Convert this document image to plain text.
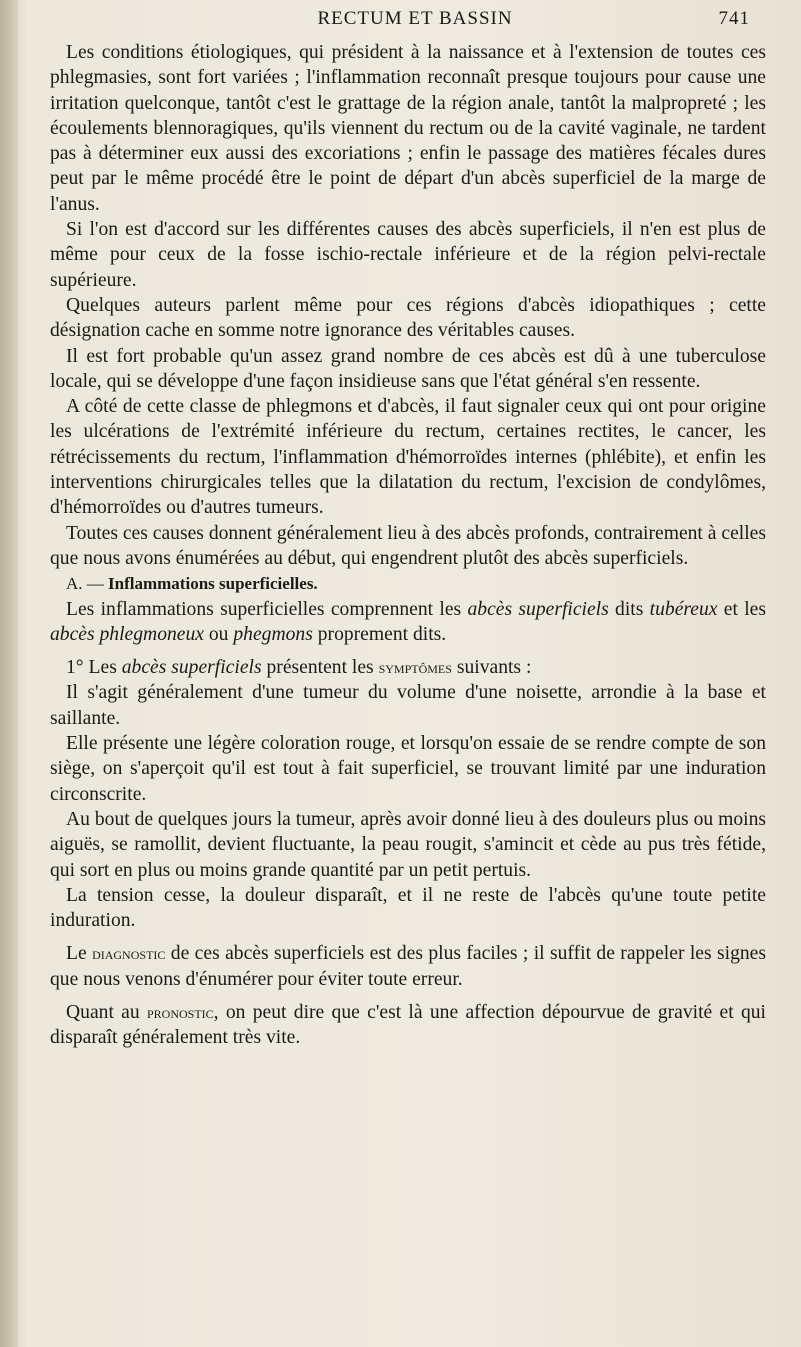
RECTUM ET BASSIN	741

Les conditions étiologiques, qui président à la naissance et à l'extension de toutes ces phlegmasies, sont fort variées ; l'inflammation reconnaît presque toujours pour cause une irritation quelconque, tantôt c'est le grattage de la région anale, tantôt la malpropreté ; les écoulements blennoragiques, qu'ils viennent du rectum ou de la cavité vaginale, ne tardent pas à déterminer eux aussi des excoriations ; enfin le passage des matières fécales dures peut par le même procédé être le point de départ d'un abcès superficiel de la marge de l'anus.

Si l'on est d'accord sur les différentes causes des abcès superficiels, il n'en est plus de même pour ceux de la fosse ischio-rectale inférieure et de la région pelvi-rectale supérieure.

Quelques auteurs parlent même pour ces régions d'abcès idiopathiques ; cette désignation cache en somme notre ignorance des véritables causes.

Il est fort probable qu'un assez grand nombre de ces abcès est dû à une tuberculose locale, qui se développe d'une façon insidieuse sans que l'état général s'en ressente.

A côté de cette classe de phlegmons et d'abcès, il faut signaler ceux qui ont pour origine les ulcérations de l'extrémité inférieure du rectum, certaines rectites, le cancer, les rétrécissements du rectum, l'inflammation d'hémorroïdes internes (phlébite), et enfin les interventions chirurgicales telles que la dilatation du rectum, l'excision de condylômes, d'hémorroïdes ou d'autres tumeurs.

Toutes ces causes donnent généralement lieu à des abcès profonds, contrairement à celles que nous avons énumérées au début, qui engendrent plutôt des abcès superficiels.

A. — Inflammations superficielles.

Les inflammations superficielles comprennent les abcès superficiels dits tubéreux et les abcès phlegmoneux ou phegmons proprement dits.

1° Les abcès superficiels présentent les symptômes suivants :

Il s'agit généralement d'une tumeur du volume d'une noisette, arrondie à la base et saillante.

Elle présente une légère coloration rouge, et lorsqu'on essaie de se rendre compte de son siège, on s'aperçoit qu'il est tout à fait superficiel, se trouvant limité par une induration circonscrite.

Au bout de quelques jours la tumeur, après avoir donné lieu à des douleurs plus ou moins aiguës, se ramollit, devient fluctuante, la peau rougit, s'amincit et cède au pus très fétide, qui sort en plus ou moins grande quantité par un petit pertuis.

La tension cesse, la douleur disparaît, et il ne reste de l'abcès qu'une toute petite induration.

Le diagnostic de ces abcès superficiels est des plus faciles ; il suffit de rappeler les signes que nous venons d'énumérer pour éviter toute erreur.

Quant au pronostic, on peut dire que c'est là une affection dépourvue de gravité et qui disparaît généralement très vite.
